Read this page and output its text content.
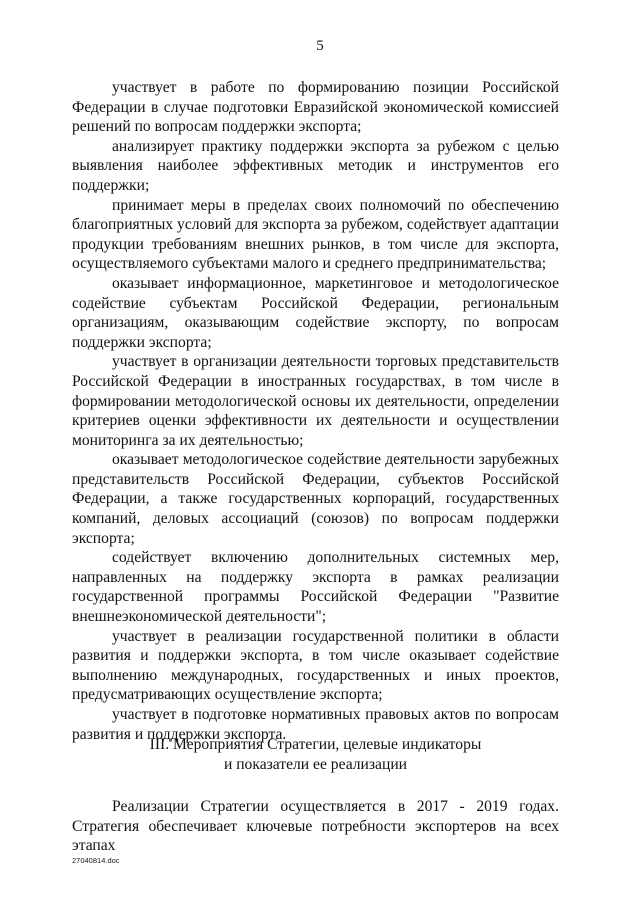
5

участвует в работе по формированию позиции Российской Федерации в случае подготовки Евразийской экономической комиссией решений по вопросам поддержки экспорта;

анализирует практику поддержки экспорта за рубежом с целью выявления наиболее эффективных методик и инструментов его поддержки;

принимает меры в пределах своих полномочий по обеспечению благоприятных условий для экспорта за рубежом, содействует адаптации продукции требованиям внешних рынков, в том числе для экспорта, осуществляемого субъектами малого и среднего предпринимательства;

оказывает информационное, маркетинговое и методологическое содействие субъектам Российской Федерации, региональным организациям, оказывающим содействие экспорту, по вопросам поддержки экспорта;

участвует в организации деятельности торговых представительств Российской Федерации в иностранных государствах, в том числе в формировании методологической основы их деятельности, определении критериев оценки эффективности их деятельности и осуществлении мониторинга за их деятельностью;

оказывает методологическое содействие деятельности зарубежных представительств Российской Федерации, субъектов Российской Федерации, а также государственных корпораций, государственных компаний, деловых ассоциаций (союзов) по вопросам поддержки экспорта;

содействует включению дополнительных системных мер, направленных на поддержку экспорта в рамках реализации государственной программы Российской Федерации "Развитие внешнеэкономической деятельности";

участвует в реализации государственной политики в области развития и поддержки экспорта, в том числе оказывает содействие выполнению международных, государственных и иных проектов, предусматривающих осуществление экспорта;

участвует в подготовке нормативных правовых актов по вопросам развития и поддержки экспорта.

III. Мероприятия Стратегии, целевые индикаторы
и показатели ее реализации

Реализации Стратегии осуществляется в 2017 - 2019 годах. Стратегия обеспечивает ключевые потребности экспортеров на всех этапах

27040814.doc
